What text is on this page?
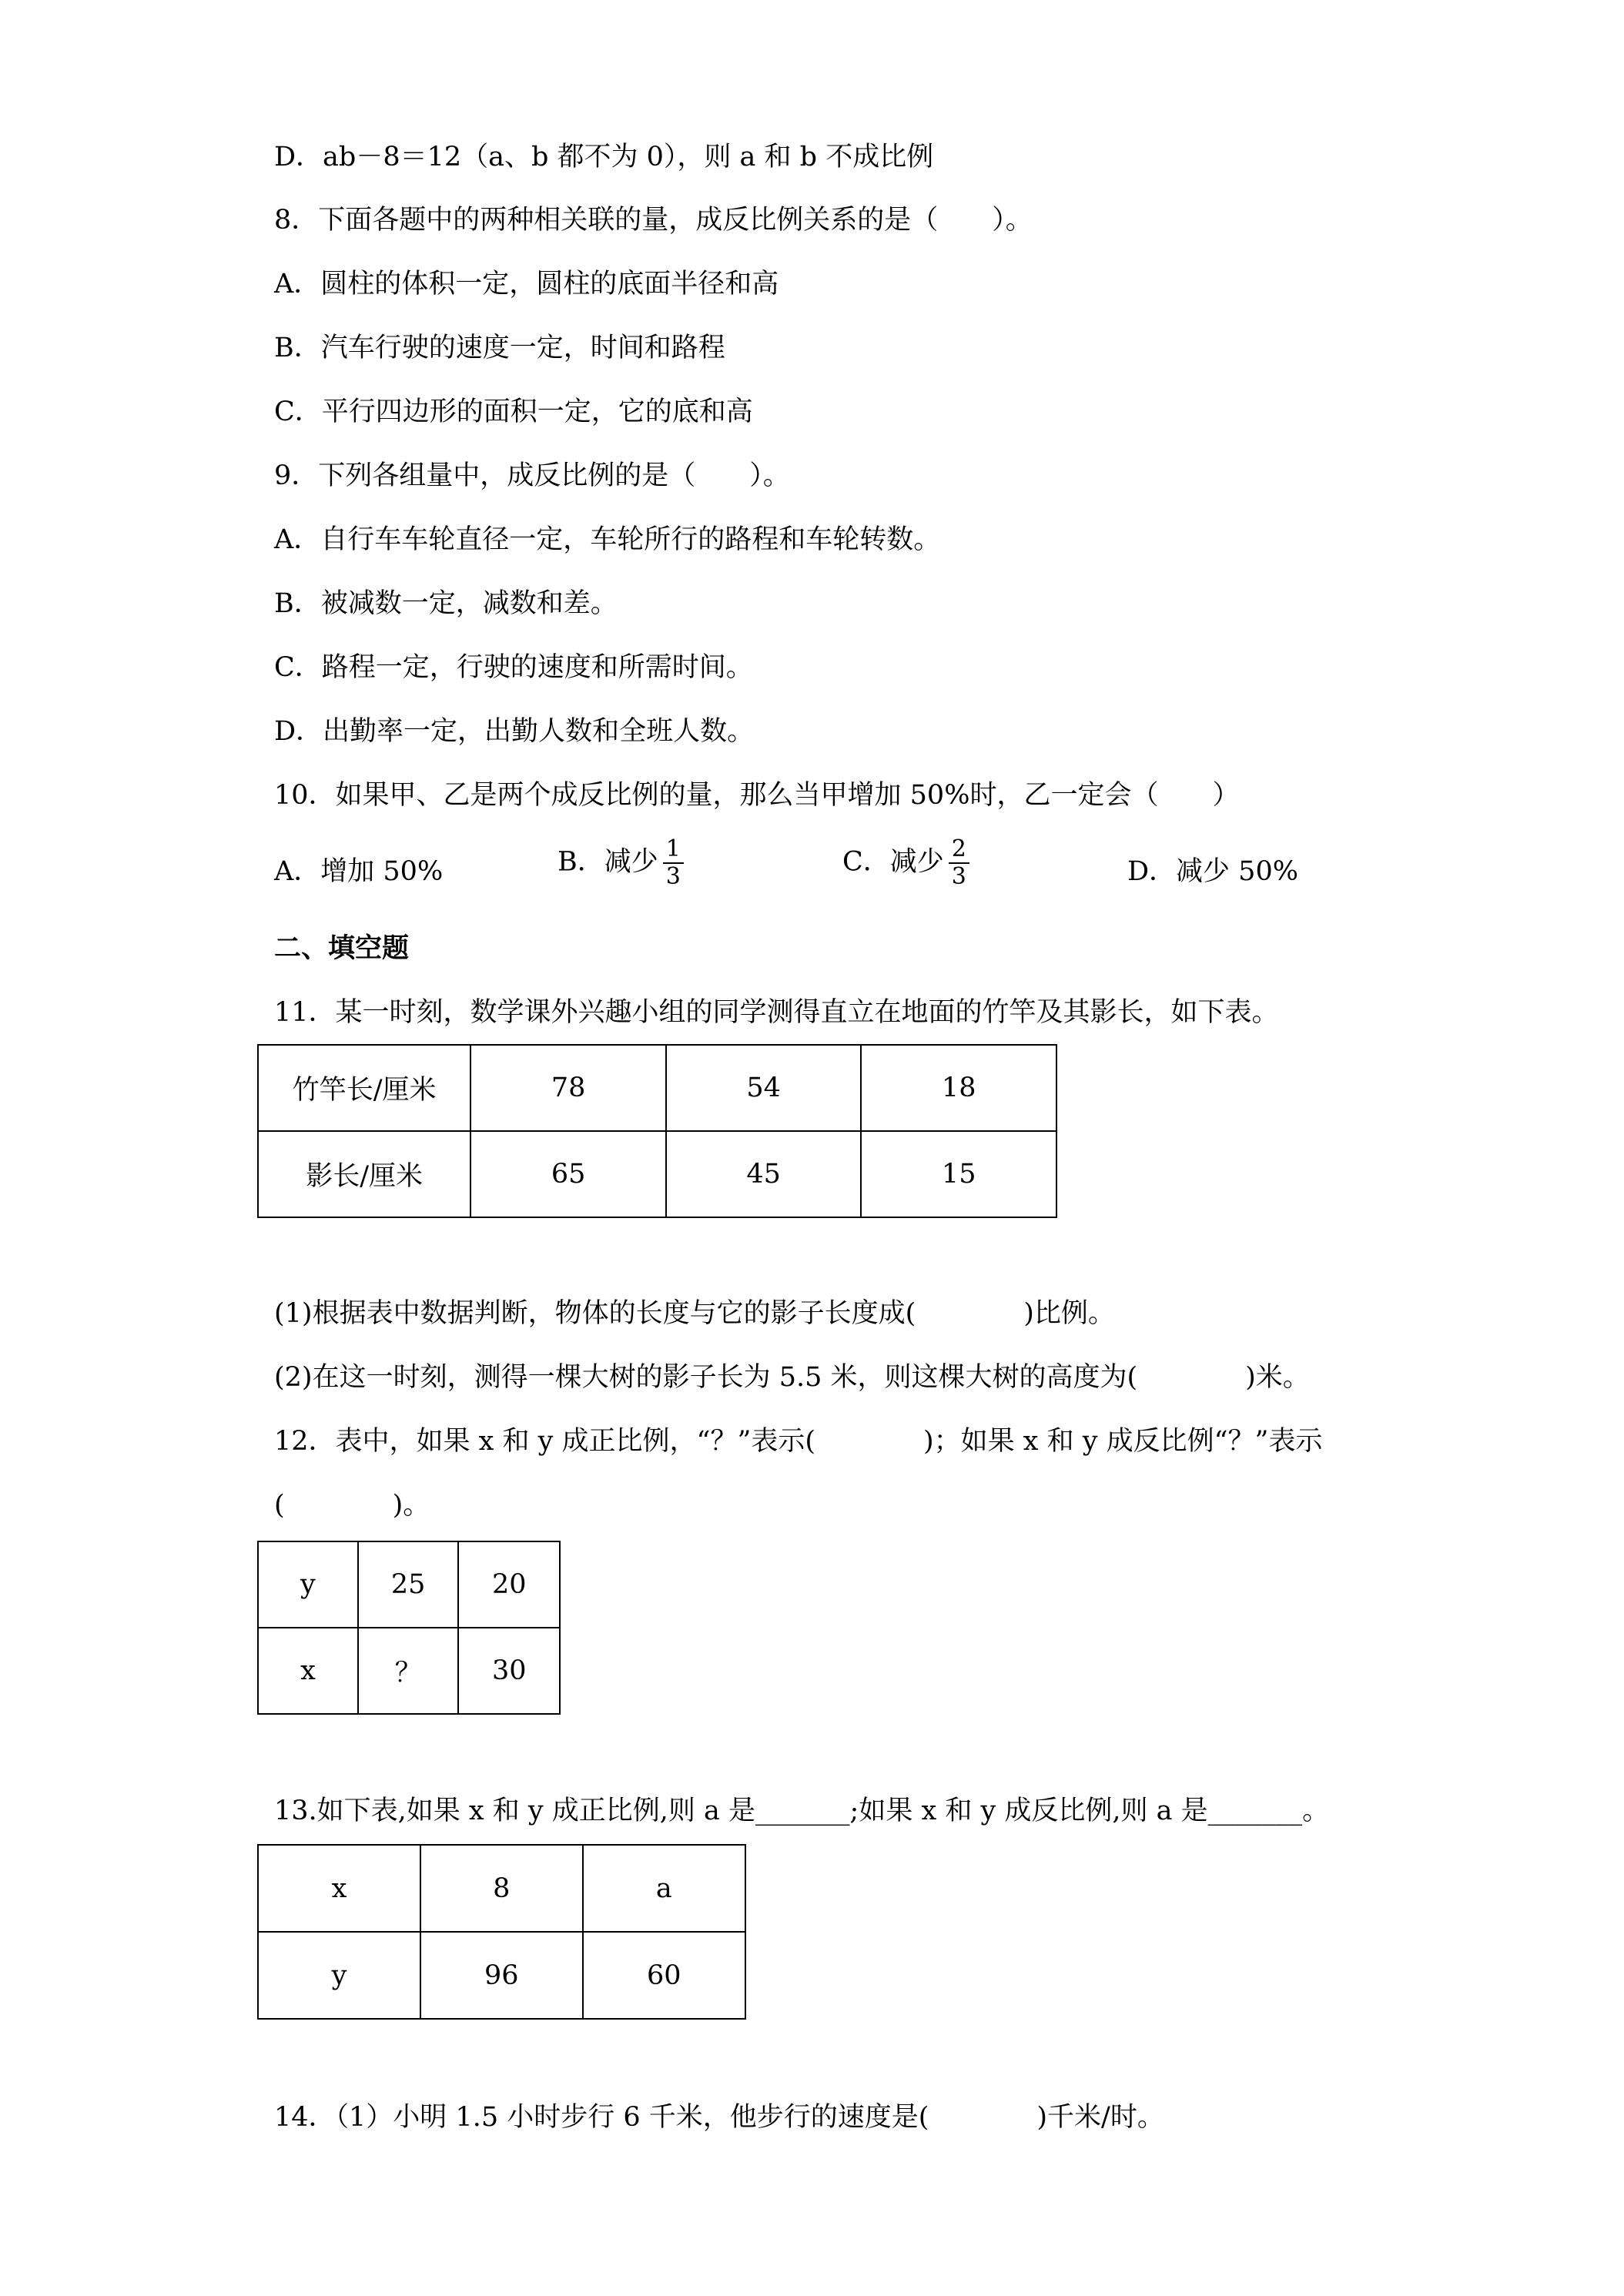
D．ab－8＝12（a、b 都不为 0），则 a 和 b 不成比例
8．下面各题中的两种相关联的量，成反比例关系的是（　　）。
A．圆柱的体积一定，圆柱的底面半径和高
B．汽车行驶的速度一定，时间和路程
C．平行四边形的面积一定，它的底和高
9．下列各组量中，成反比例的是（　　）。
A．自行车车轮直径一定，车轮所行的路程和车轮转数。
B．被减数一定，减数和差。
C．路程一定，行驶的速度和所需时间。
D．出勤率一定，出勤人数和全班人数。
10．如果甲、乙是两个成反比例的量，那么当甲增加 50%时，乙一定会（　　）
A．增加 50%	B．减少 $\frac{1}{3}$	C．减少 $\frac{2}{3}$	D．减少 50%
二、填空题
11．某一时刻，数学课外兴趣小组的同学测得直立在地面的竹竿及其影长，如下表。
竹竿长/厘米	78	54	18
影长/厘米	65	45	15
(1)根据表中数据判断，物体的长度与它的影子长度成(　　　　)比例。
(2)在这一时刻，测得一棵大树的影子长为 5.5 米，则这棵大树的高度为(　　　　)米。
12．表中，如果 x 和 y 成正比例，“？”表示(　　　　)；如果 x 和 y 成反比例“？”表示
(　　　　)。
y	25	20
x	？	30
13.如下表,如果 x 和 y 成正比例,则 a 是_______;如果 x 和 y 成反比例,则 a 是_______。
x	8	a
y	96	60
14．（1）小明 1.5 小时步行 6 千米，他步行的速度是(　　　　)千米/时。
